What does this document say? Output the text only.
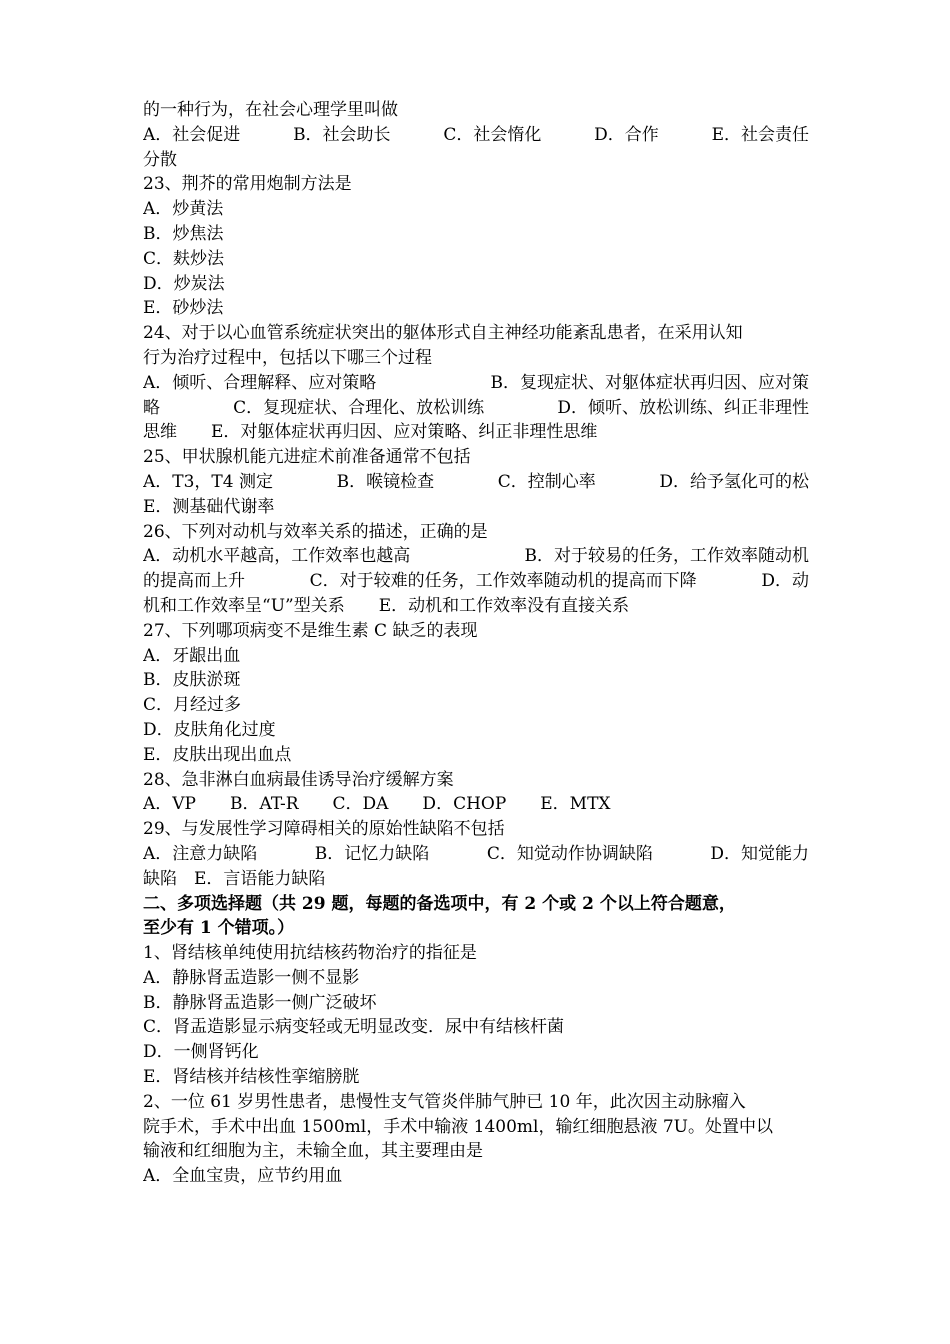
的一种行为，在社会心理学里叫做
A．社会促进	B．社会助长	C．社会惰化	D．合作	E．社会责任
分散
23、荆芥的常用炮制方法是
A．炒黄法
B．炒焦法
C．麸炒法
D．炒炭法
E．砂炒法
24、对于以心血管系统症状突出的躯体形式自主神经功能紊乱患者，在采用认知
行为治疗过程中，包括以下哪三个过程
A．倾听、合理解释、应对策略	B．复现症状、对躯体症状再归因、应对策
略	C．复现症状、合理化、放松训练	D．倾听、放松训练、纠正非理性
思维　　E．对躯体症状再归因、应对策略、纠正非理性思维
25、甲状腺机能亢进症术前准备通常不包括
A．T3，T4 测定	B．喉镜检查	C．控制心率	D．给予氢化可的松
E．测基础代谢率
26、下列对动机与效率关系的描述，正确的是
A．动机水平越高，工作效率也越高	B．对于较易的任务，工作效率随动机
的提高而上升	C．对于较难的任务，工作效率随动机的提高而下降	D．动
机和工作效率呈“U”型关系　　E．动机和工作效率没有直接关系
27、下列哪项病变不是维生素 C 缺乏的表现
A．牙龈出血
B．皮肤淤斑
C．月经过多
D．皮肤角化过度
E．皮肤出现出血点
28、急非淋白血病最佳诱导治疗缓解方案
A．VP　　B．AT-R　　C．DA　　D．CHOP　　E．MTX
29、与发展性学习障碍相关的原始性缺陷不包括
A．注意力缺陷	B．记忆力缺陷	C．知觉动作协调缺陷	D．知觉能力
缺陷　E．言语能力缺陷
二、多项选择题（共 29 题，每题的备选项中，有 2 个或 2 个以上符合题意，
至少有 1 个错项。）
1、肾结核单纯使用抗结核药物治疗的指征是
A．静脉肾盂造影一侧不显影
B．静脉肾盂造影一侧广泛破坏
C．肾盂造影显示病变轻或无明显改变．尿中有结核杆菌
D．一侧肾钙化
E．肾结核并结核性挛缩膀胱
2、一位 61 岁男性患者，患慢性支气管炎伴肺气肿已 10 年，此次因主动脉瘤入
院手术，手术中出血 1500ml，手术中输液 1400ml，输红细胞悬液 7U。处置中以
输液和红细胞为主，未输全血，其主要理由是
A．全血宝贵，应节约用血
